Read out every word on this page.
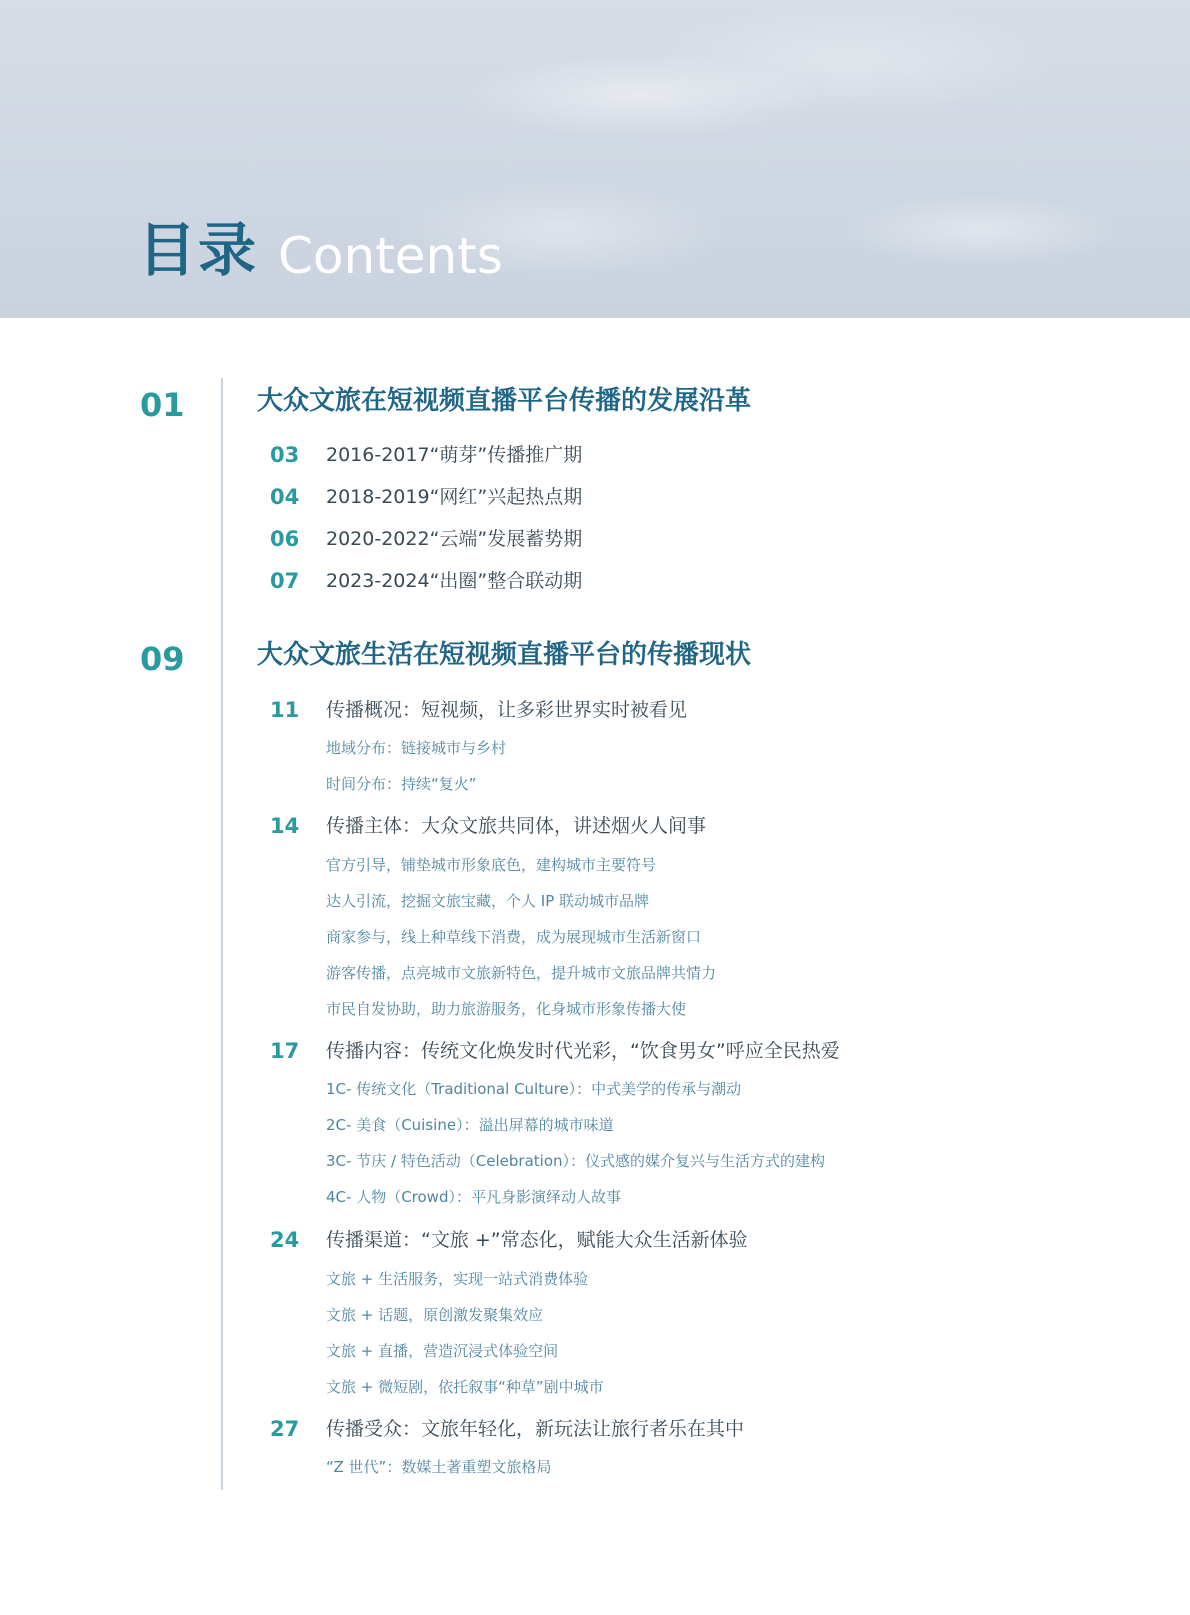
目录 Contents
01	大众文旅在短视频直播平台传播的发展沿革
03 2016-2017“萌芽”传播推广期
04 2018-2019“网红”兴起热点期
06 2020-2022“云端”发展蓄势期
07 2023-2024“出圈”整合联动期
09	大众文旅生活在短视频直播平台的传播现状
11 传播概况：短视频，让多彩世界实时被看见
地域分布：链接城市与乡村
时间分布：持续“复火”
14 传播主体：大众文旅共同体，讲述烟火人间事
官方引导，铺垫城市形象底色，建构城市主要符号
达人引流，挖掘文旅宝藏，个人 IP 联动城市品牌
商家参与，线上种草线下消费，成为展现城市生活新窗口
游客传播，点亮城市文旅新特色，提升城市文旅品牌共情力
市民自发协助，助力旅游服务，化身城市形象传播大使
17 传播内容：传统文化焕发时代光彩，“饮食男女”呼应全民热爱
1C- 传统文化（Traditional Culture）：中式美学的传承与潮动
2C- 美食（Cuisine）：溢出屏幕的城市味道
3C- 节庆 / 特色活动（Celebration）：仪式感的媒介复兴与生活方式的建构
4C- 人物（Crowd）：平凡身影演绎动人故事
24 传播渠道：“文旅 +”常态化，赋能大众生活新体验
文旅 + 生活服务，实现一站式消费体验
文旅 + 话题，原创激发聚集效应
文旅 + 直播，营造沉浸式体验空间
文旅 + 微短剧，依托叙事“种草”剧中城市
27 传播受众：文旅年轻化，新玩法让旅行者乐在其中
“Z 世代”：数媒土著重塑文旅格局
